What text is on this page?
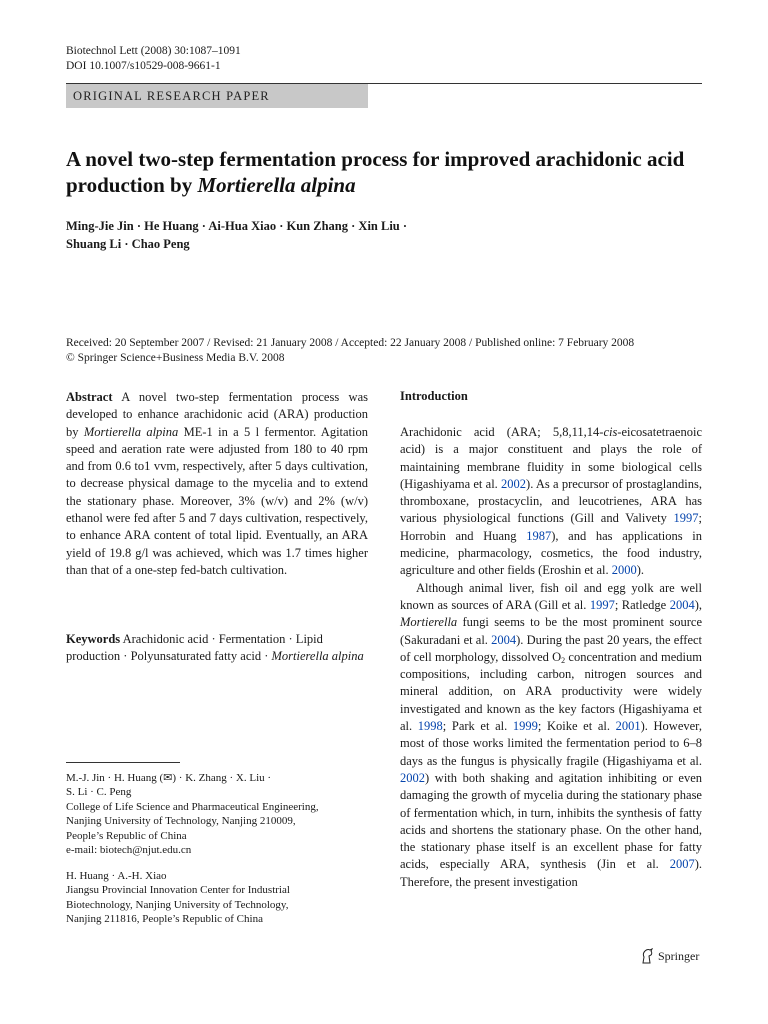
Biotechnol Lett (2008) 30:1087–1091
DOI 10.1007/s10529-008-9661-1
ORIGINAL RESEARCH PAPER
A novel two-step fermentation process for improved arachidonic acid production by Mortierella alpina
Ming-Jie Jin · He Huang · Ai-Hua Xiao · Kun Zhang · Xin Liu ·
Shuang Li · Chao Peng
Received: 20 September 2007 / Revised: 21 January 2008 / Accepted: 22 January 2008 / Published online: 7 February 2008
© Springer Science+Business Media B.V. 2008

Abstract A novel two-step fermentation process was developed to enhance arachidonic acid (ARA) production by Mortierella alpina ME-1 in a 5 l fermentor. Agitation speed and aeration rate were adjusted from 180 to 40 rpm and from 0.6 to1 vvm, respectively, after 5 days cultivation, to decrease physical damage to the mycelia and to extend the stationary phase. Moreover, 3% (w/v) and 2% (w/v) ethanol were fed after 5 and 7 days cultivation, respectively, to enhance ARA content of total lipid. Eventually, an ARA yield of 19.8 g/l was achieved, which was 1.7 times higher than that of a one-step fed-batch cultivation.

Keywords Arachidonic acid · Fermentation · Lipid production · Polyunsaturated fatty acid · Mortierella alpina

M.-J. Jin · H. Huang (✉) · K. Zhang · X. Liu ·

S. Li · C. Peng

College of Life Science and Pharmaceutical Engineering,

Nanjing University of Technology, Nanjing 210009,

People’s Republic of China

e-mail: biotech@njut.edu.cn

H. Huang · A.-H. Xiao

Jiangsu Provincial Innovation Center for Industrial

Biotechnology, Nanjing University of Technology,

Nanjing 211816, People’s Republic of China

Introduction

Arachidonic acid (ARA; 5,8,11,14-cis-eicosatetraenoic acid) is a major constituent and plays the role of maintaining membrane fluidity in some biological cells (Higashiyama et al. 2002). As a precursor of prostaglandins, thromboxane, prostacyclin, and leucotrienes, ARA has various physiological functions (Gill and Valivety 1997; Horrobin and Huang 1987), and has applications in medicine, pharmacology, cosmetics, the food industry, agriculture and other fields (Eroshin et al. 2000).

Although animal liver, fish oil and egg yolk are well known as sources of ARA (Gill et al. 1997; Ratledge 2004), Mortierella fungi seems to be the most prominent source (Sakuradani et al. 2004). During the past 20 years, the effect of cell morphology, dissolved $O_2$ concentration and medium compositions, including carbon, nitrogen sources and mineral addition, on ARA productivity were widely investigated and known as the key factors (Higashiyama et al. 1998; Park et al. 1999; Koike et al. 2001). However, most of those works limited the fermentation period to 6–8 days as the fungus is physically fragile (Higashiyama et al. 2002) with both shaking and agitation inhibiting or even damaging the growth of mycelia during the stationary phase of fermentation which, in turn, inhibits the synthesis of fatty acids and shortens the stationary phase. On the other hand, the stationary phase itself is an excellent phase for fatty acids, especially ARA, synthesis (Jin et al. 2007). Therefore, the present investigation

Springer
